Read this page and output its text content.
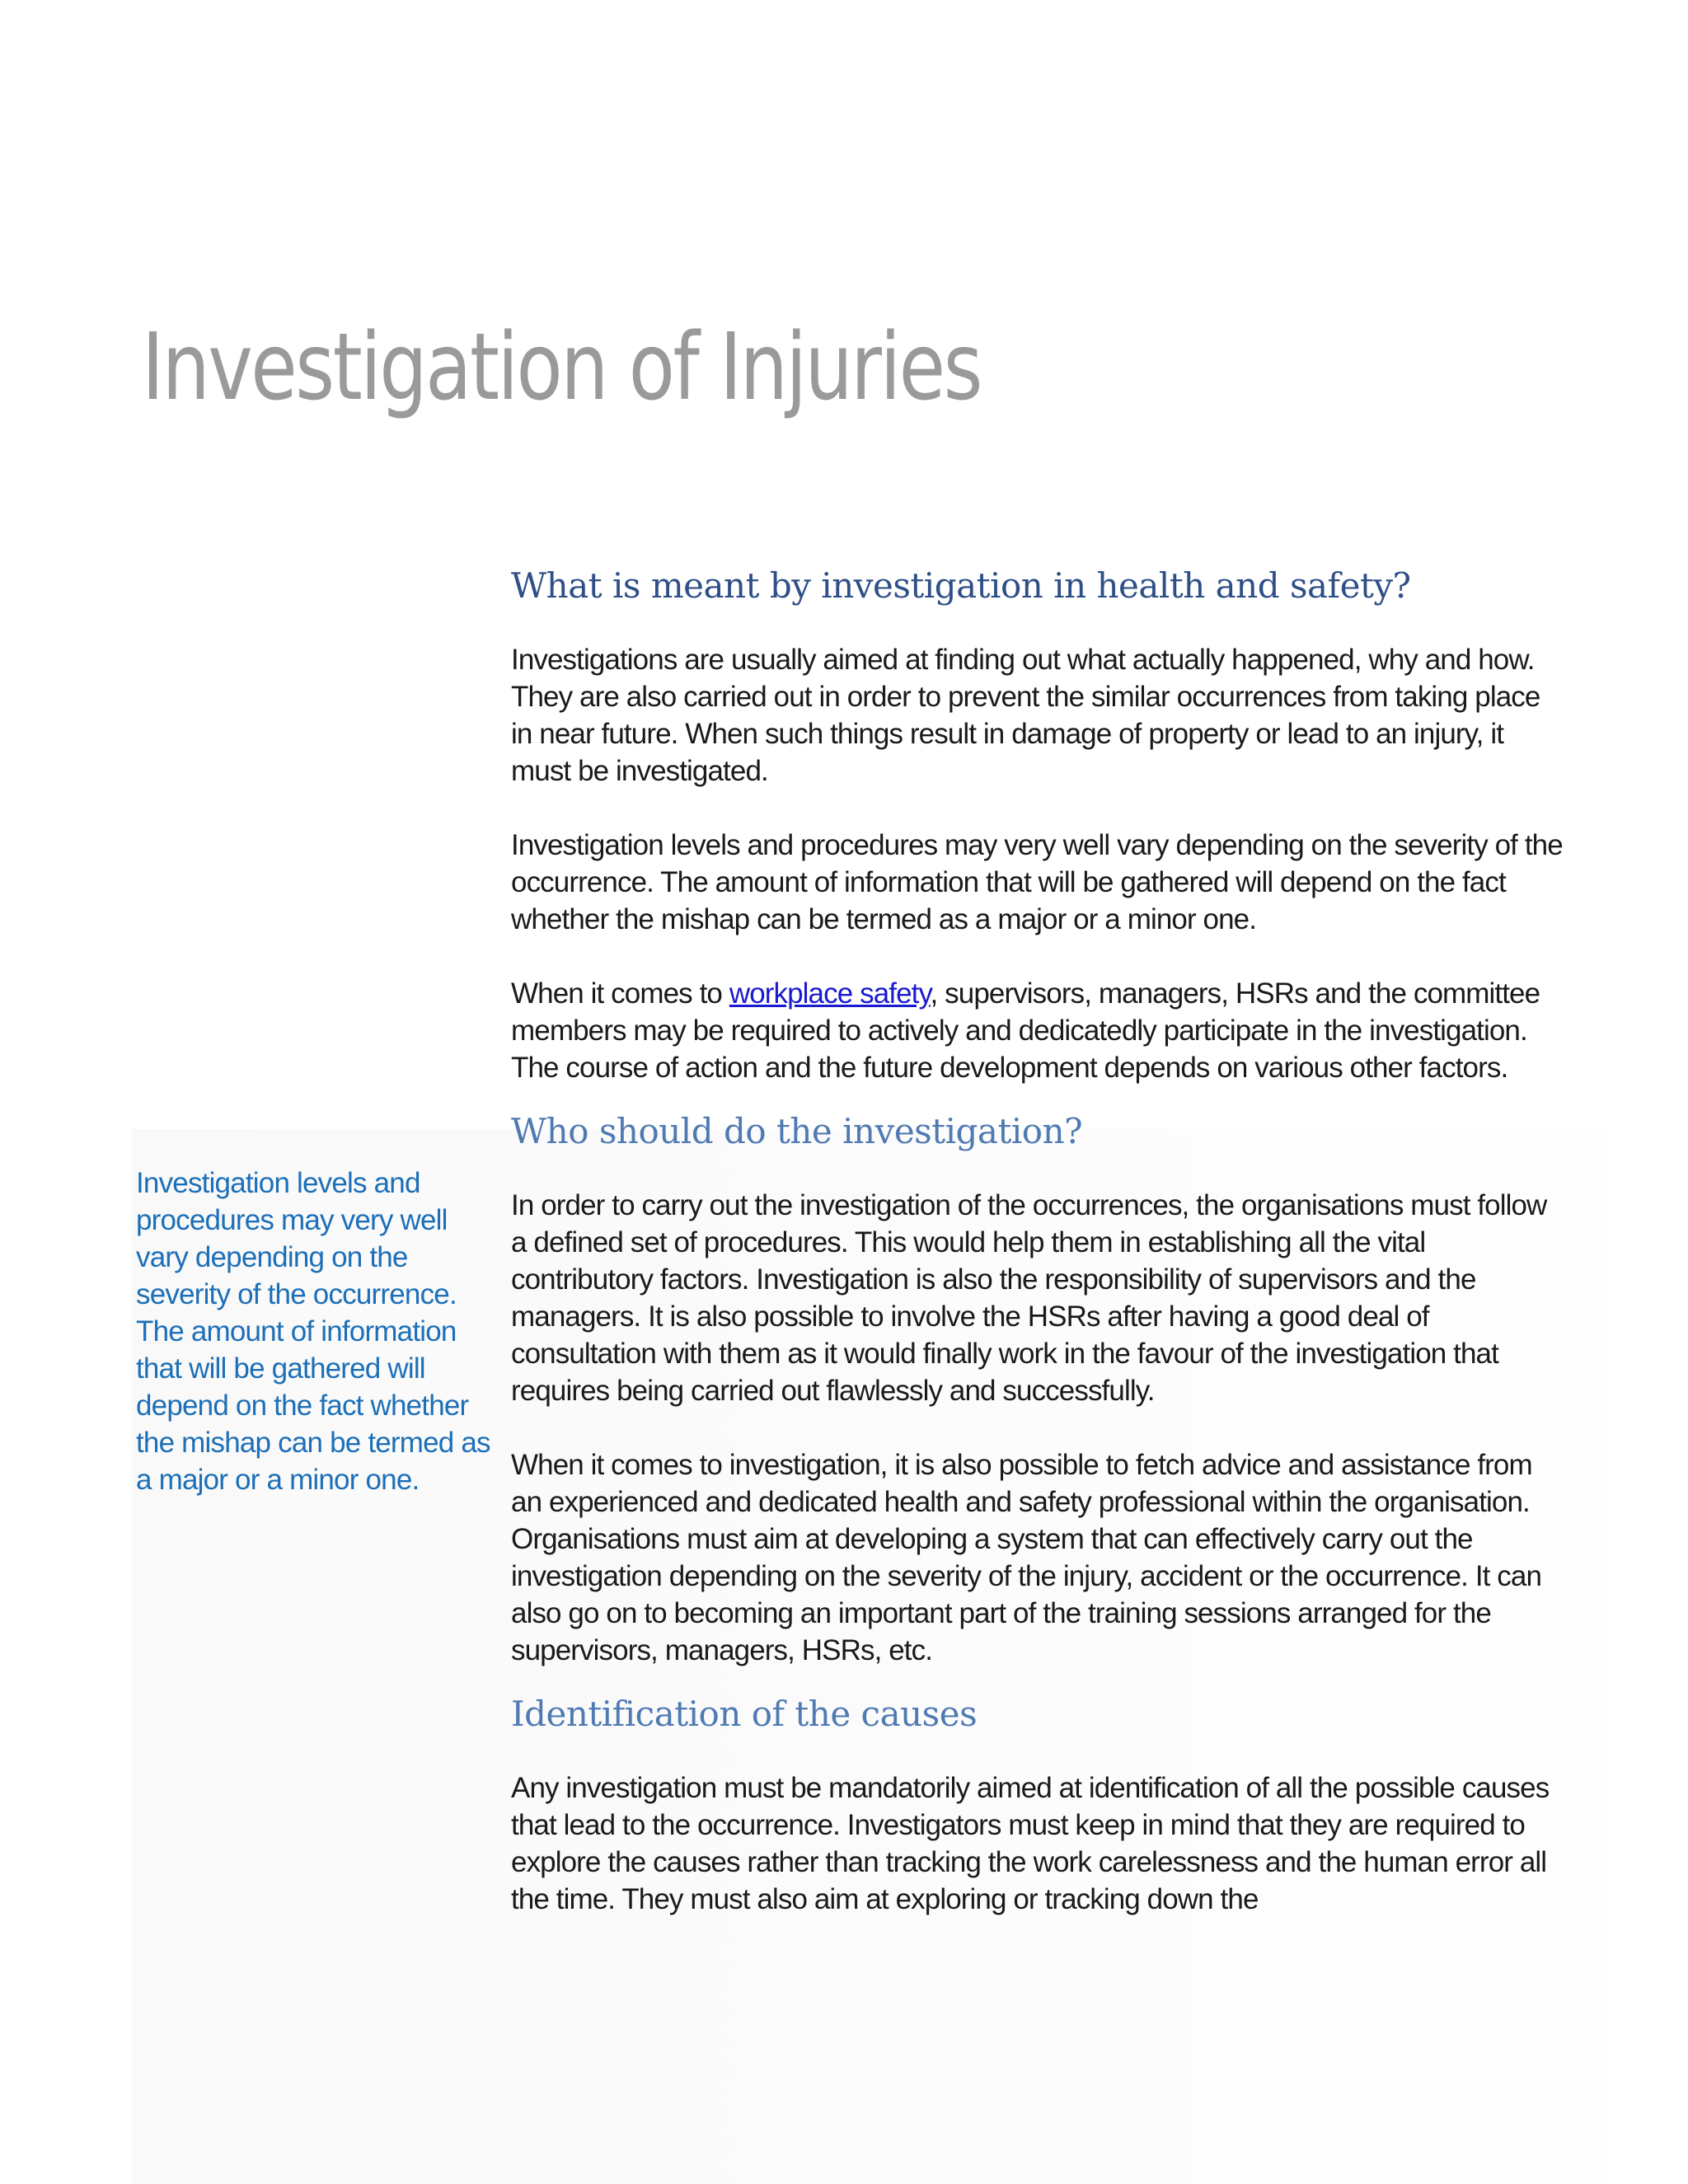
Investigation of Injuries

Investigation levels and procedures may very well vary depending on the severity of the occurrence. The amount of information that will be gathered will depend on the fact whether the mishap can be termed as a major or a minor one.

What is meant by investigation in health and safety?

Investigations are usually aimed at finding out what actually happened, why and how. They are also carried out in order to prevent the similar occurrences from taking place in near future. When such things result in damage of property or lead to an injury, it must be investigated.

Investigation levels and procedures may very well vary depending on the severity of the occurrence. The amount of information that will be gathered will depend on the fact whether the mishap can be termed as a major or a minor one.

When it comes to workplace safety, supervisors, managers, HSRs and the committee members may be required to actively and dedicatedly participate in the investigation. The course of action and the future development depends on various other factors.

Who should do the investigation?

In order to carry out the investigation of the occurrences, the organisations must follow a defined set of procedures. This would help them in establishing all the vital contributory factors. Investigation is also the responsibility of supervisors and the managers. It is also possible to involve the HSRs after having a good deal of consultation with them as it would finally work in the favour of the investigation that requires being carried out flawlessly and successfully.

When it comes to investigation, it is also possible to fetch advice and assistance from an experienced and dedicated health and safety professional within the organisation. Organisations must aim at developing a system that can effectively carry out the investigation depending on the severity of the injury, accident or the occurrence. It can also go on to becoming an important part of the training sessions arranged for the supervisors, managers, HSRs, etc.

Identification of the causes

Any investigation must be mandatorily aimed at identification of all the possible causes that lead to the occurrence. Investigators must keep in mind that they are required to explore the causes rather than tracking the work carelessness and the human error all the time. They must also aim at exploring or tracking down the
